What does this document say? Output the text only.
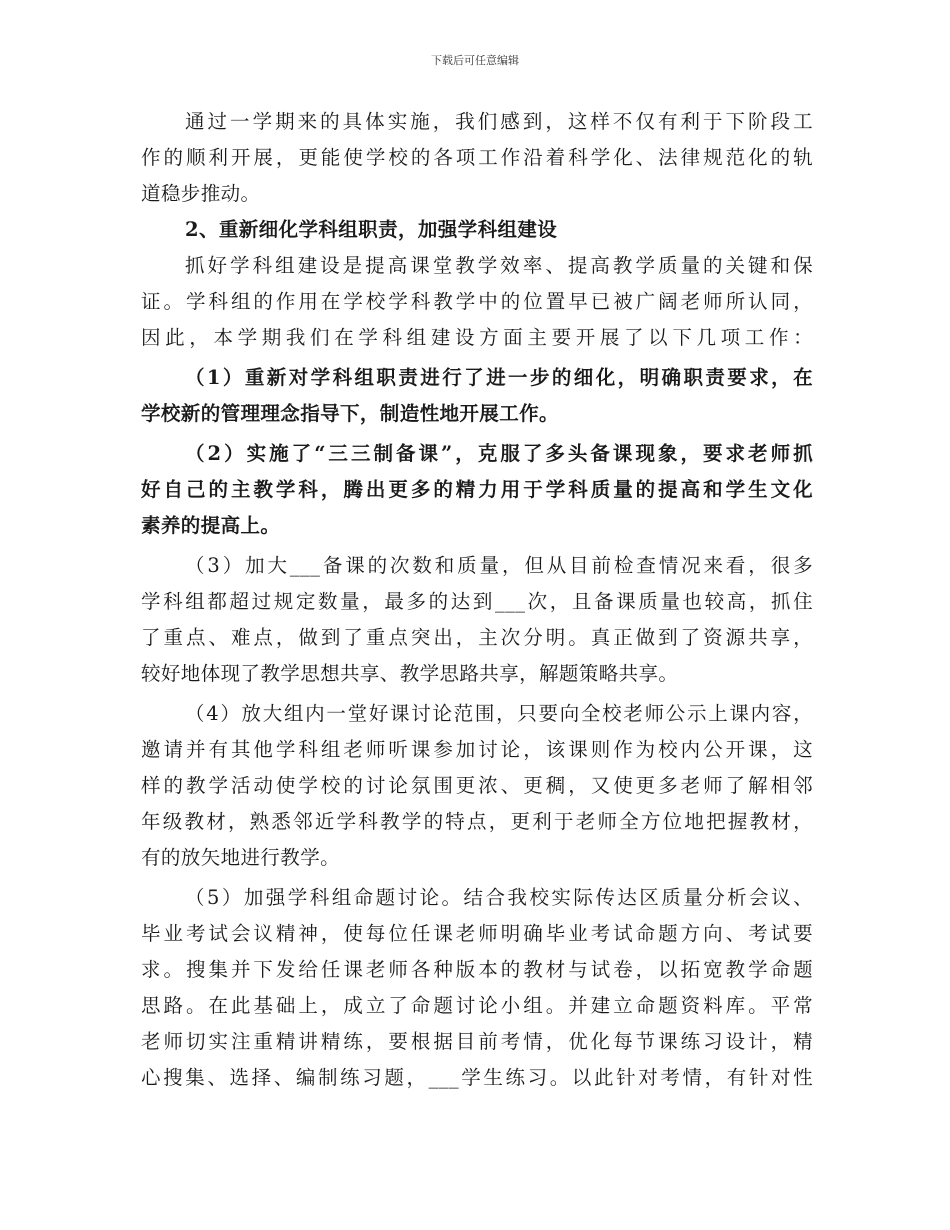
下载后可任意编辑
通过一学期来的具体实施，我们感到，这样不仅有利于下阶段工
作的顺利开展，更能使学校的各项工作沿着科学化、法律规范化的轨
道稳步推动。
2、重新细化学科组职责，加强学科组建设
抓好学科组建设是提高课堂教学效率、提高教学质量的关键和保
证。学科组的作用在学校学科教学中的位置早已被广阔老师所认同，
因此，本学期我们在学科组建设方面主要开展了以下几项工作：
（1）重新对学科组职责进行了进一步的细化，明确职责要求，在
学校新的管理理念指导下，制造性地开展工作。
（2）实施了“三三制备课”，克服了多头备课现象，要求老师抓
好自己的主教学科，腾出更多的精力用于学科质量的提高和学生文化
素养的提高上。
（3）加大___备课的次数和质量，但从目前检查情况来看，很多
学科组都超过规定数量，最多的达到___次，且备课质量也较高，抓住
了重点、难点，做到了重点突出，主次分明。真正做到了资源共享，
较好地体现了教学思想共享、教学思路共享，解题策略共享。
（4）放大组内一堂好课讨论范围，只要向全校老师公示上课内容，
邀请并有其他学科组老师听课参加讨论，该课则作为校内公开课，这
样的教学活动使学校的讨论氛围更浓、更稠，又使更多老师了解相邻
年级教材，熟悉邻近学科教学的特点，更利于老师全方位地把握教材，
有的放矢地进行教学。
（5）加强学科组命题讨论。结合我校实际传达区质量分析会议、
毕业考试会议精神，使每位任课老师明确毕业考试命题方向、考试要
求。搜集并下发给任课老师各种版本的教材与试卷，以拓宽教学命题
思路。在此基础上，成立了命题讨论小组。并建立命题资料库。平常
老师切实注重精讲精练，要根据目前考情，优化每节课练习设计，精
心搜集、选择、编制练习题，___学生练习。以此针对考情，有针对性
